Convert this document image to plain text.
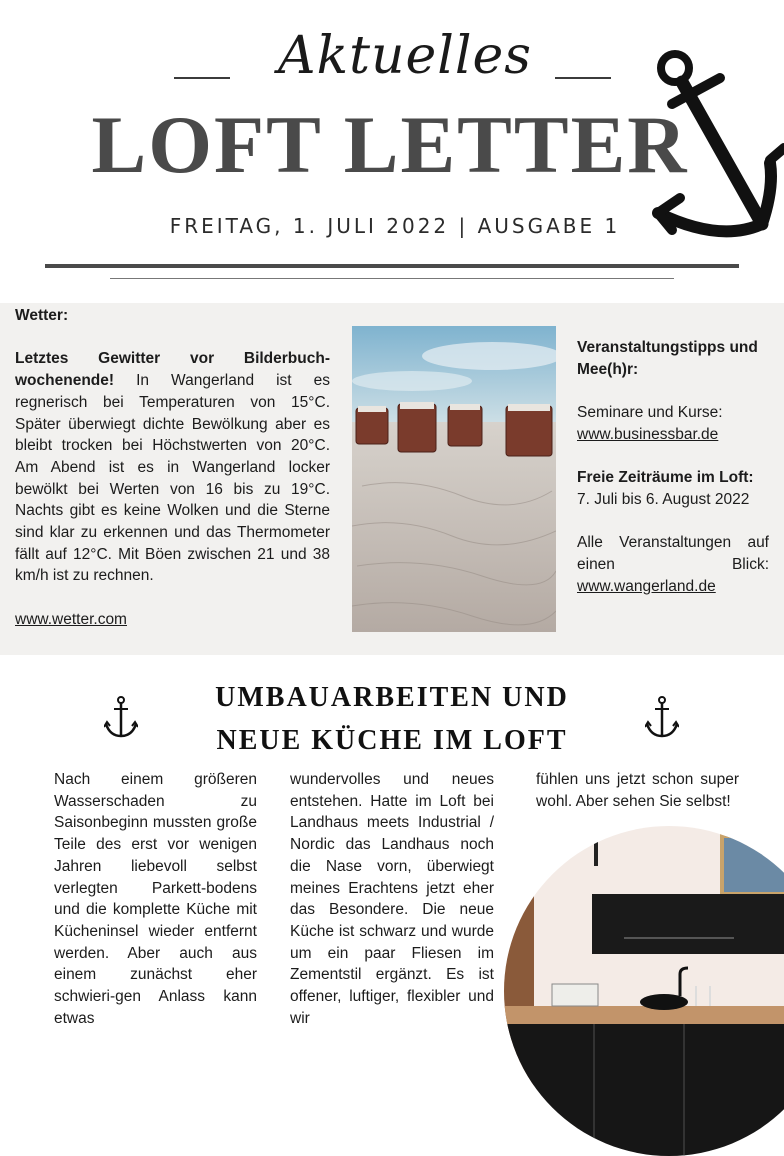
Aktuelles
LOFT LETTER
FREITAG, 1. JULI 2022 | AUSGABE 1
Wetter:
Letztes Gewitter vor Bilderbuch-wochenende! In Wangerland ist es regnerisch bei Temperaturen von 15°C. Später überwiegt dichte Bewölkung aber es bleibt trocken bei Höchstwerten von 20°C. Am Abend ist es in Wangerland locker bewölkt bei Werten von 16 bis zu 19°C. Nachts gibt es keine Wolken und die Sterne sind klar zu erkennen und das Thermometer fällt auf 12°C. Mit Böen zwischen 21 und 38 km/h ist zu rechnen.
www.wetter.com

Veranstaltungstipps und Mee(h)r:

Seminare und Kurse:
www.businessbar.de

Freie Zeiträume im Loft:
7. Juli bis 6. August 2022

Alle Veranstaltungen auf einen Blick:
www.wangerland.de

UMBAUARBEITEN UND
NEUE KÜCHE IM LOFT
Nach einem größeren Wasserschaden zu Saisonbeginn mussten große Teile des erst vor wenigen Jahren liebevoll selbst verlegten Parkett-bodens und die komplette Küche mit Kücheninsel wieder entfernt werden. Aber auch aus einem zunächst eher schwieri-gen Anlass kann etwas
wundervolles und neues entstehen. Hatte im Loft bei Landhaus meets Industrial / Nordic das Landhaus noch die Nase vorn, überwiegt meines Erachtens jetzt eher das Besondere. Die neue Küche ist schwarz und wurde um ein paar Fliesen im Zementstil ergänzt. Es ist offener, luftiger, flexibler und wir
fühlen uns jetzt schon super wohl. Aber sehen Sie selbst!
